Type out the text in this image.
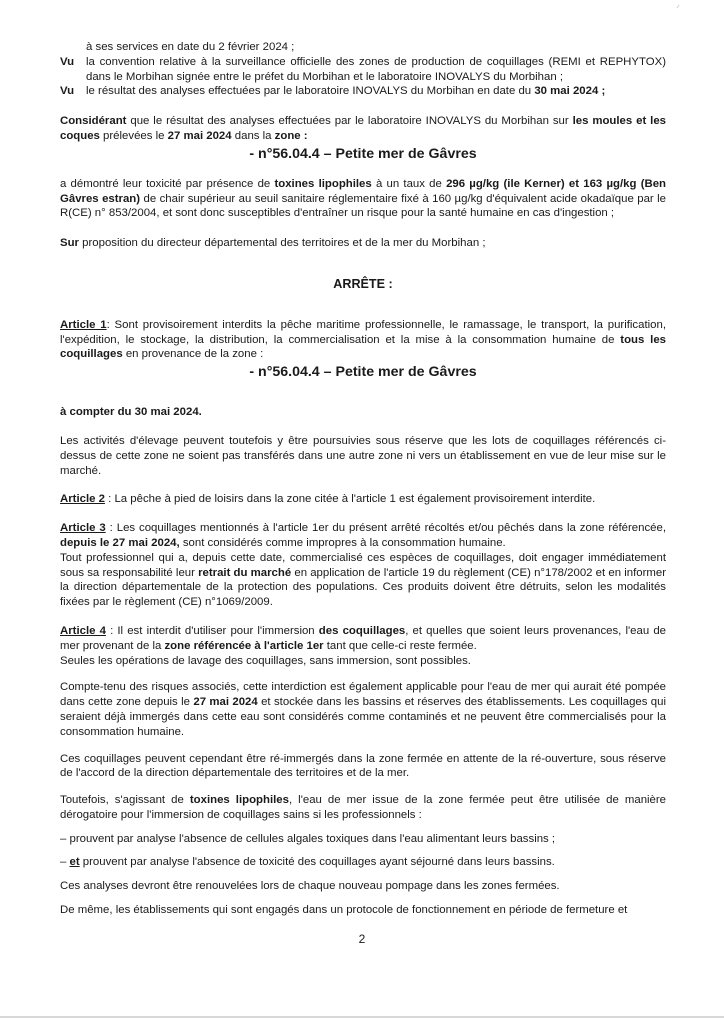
à ses services en date du 2 février 2024 ;

Vu	la convention relative à la surveillance officielle des zones de production de coquillages (REMI et REPHYTOX) dans le Morbihan signée entre le préfet du Morbihan et le laboratoire INOVALYS du Morbihan ;
Vu	le résultat des analyses effectuées par le laboratoire INOVALYS du Morbihan en date du 30 mai 2024 ;

Considérant que le résultat des analyses effectuées par le laboratoire INOVALYS du Morbihan sur les moules et les coques prélevées le 27 mai 2024 dans la zone :

- n°56.04.4 – Petite mer de Gâvres

a démontré leur toxicité par présence de toxines lipophiles à un taux de 296 µg/kg (ile Kerner) et 163 µg/kg (Ben Gâvres estran) de chair supérieur au seuil sanitaire réglementaire fixé à 160 µg/kg d'équivalent acide okadaïque par le R(CE) n° 853/2004, et sont donc susceptibles d'entraîner un risque pour la santé humaine en cas d'ingestion ;

Sur proposition du directeur départemental des territoires et de la mer du Morbihan ;

ARRÊTE :

Article 1: Sont provisoirement interdits la pêche maritime professionnelle, le ramassage, le transport, la purification, l'expédition, le stockage, la distribution, la commercialisation et la mise à la consommation humaine de tous les coquillages en provenance de la zone :

- n°56.04.4 – Petite mer de Gâvres

à compter du 30 mai 2024.

Les activités d'élevage peuvent toutefois y être poursuivies sous réserve que les lots de coquillages référencés ci-dessus de cette zone ne soient pas transférés dans une autre zone ni vers un établissement en vue de leur mise sur le marché.

Article 2 : La pêche à pied de loisirs dans la zone citée à l'article 1 est également provisoirement interdite.

Article 3 : Les coquillages mentionnés à l'article 1er du présent arrêté récoltés et/ou pêchés dans la zone référencée, depuis le 27 mai 2024, sont considérés comme impropres à la consommation humaine.

Tout professionnel qui a, depuis cette date, commercialisé ces espèces de coquillages, doit engager immédiatement sous sa responsabilité leur retrait du marché en application de l'article 19 du règlement (CE) n°178/2002 et en informer la direction départementale de la protection des populations. Ces produits doivent être détruits, selon les modalités fixées par le règlement (CE) n°1069/2009.

Article 4 : Il est interdit d'utiliser pour l'immersion des coquillages, et quelles que soient leurs provenances, l'eau de mer provenant de la zone référencée à l'article 1er tant que celle-ci reste fermée.

Seules les opérations de lavage des coquillages, sans immersion, sont possibles.

Compte-tenu des risques associés, cette interdiction est également applicable pour l'eau de mer qui aurait été pompée dans cette zone depuis le 27 mai 2024 et stockée dans les bassins et réserves des établissements. Les coquillages qui seraient déjà immergés dans cette eau sont considérés comme contaminés et ne peuvent être commercialisés pour la consommation humaine.

Ces coquillages peuvent cependant être ré-immergés dans la zone fermée en attente de la ré-ouverture, sous réserve de l'accord de la direction départementale des territoires et de la mer.

Toutefois, s'agissant de toxines lipophiles, l'eau de mer issue de la zone fermée peut être utilisée de manière dérogatoire pour l'immersion de coquillages sains si les professionnels :

– prouvent par analyse l'absence de cellules algales toxiques dans l'eau alimentant leurs bassins ;

– et prouvent par analyse l'absence de toxicité des coquillages ayant séjourné dans leurs bassins.

Ces analyses devront être renouvelées lors de chaque nouveau pompage dans les zones fermées.

De même, les établissements qui sont engagés dans un protocole de fonctionnement en période de fermeture et

2
